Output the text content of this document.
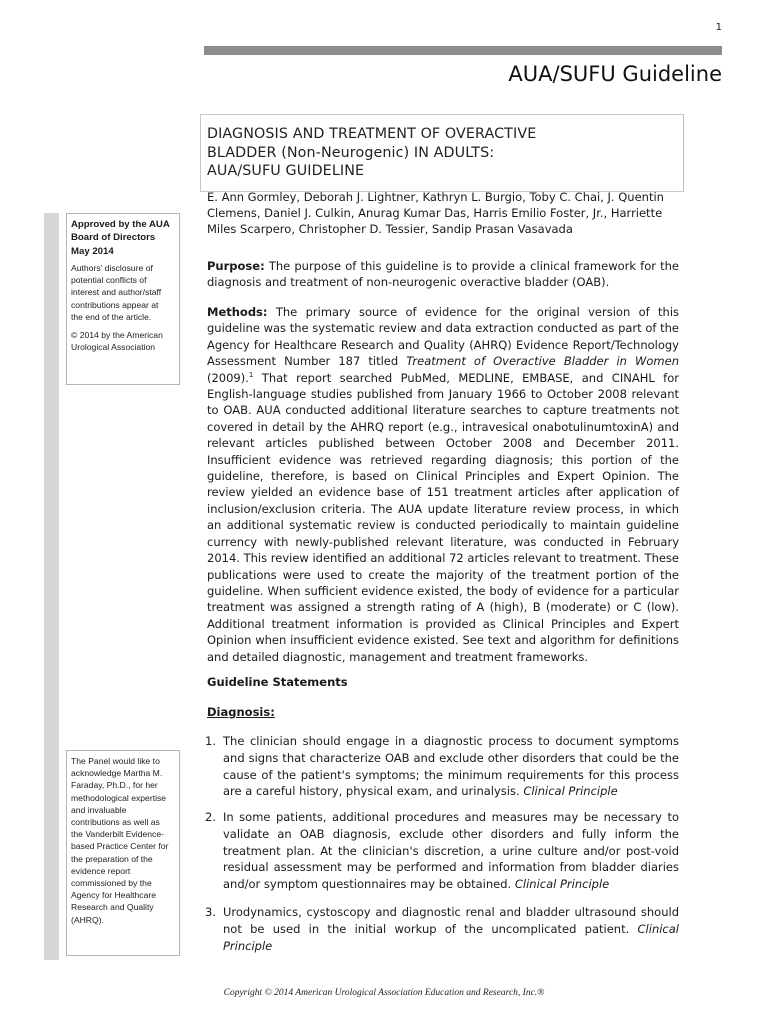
1
AUA/SUFU Guideline
DIAGNOSIS AND TREATMENT OF OVERACTIVE
BLADDER (Non-Neurogenic) IN ADULTS:
AUA/SUFU GUIDELINE
E. Ann Gormley, Deborah J. Lightner, Kathryn L. Burgio, Toby C. Chai, J. Quentin
Clemens, Daniel J. Culkin, Anurag Kumar Das, Harris Emilio Foster, Jr., Harriette
Miles Scarpero, Christopher D. Tessier, Sandip Prasan Vasavada
Approved by the AUA
Board of Directors
May 2014
Authors' disclosure of
potential conflicts of
interest and author/staff
contributions appear at
the end of the article.
© 2014 by the American
Urological Association
The Panel would like to
acknowledge Martha M.
Faraday, Ph.D., for her
methodological expertise
and invaluable
contributions as well as
the Vanderbilt Evidence-
based Practice Center for
the preparation of the
evidence report
commissioned by the
Agency for Healthcare
Research and Quality
(AHRQ).
Purpose: The purpose of this guideline is to provide a clinical framework for the diagnosis and treatment of non-neurogenic overactive bladder (OAB).
Methods: The primary source of evidence for the original version of this guideline was the systematic review and data extraction conducted as part of the Agency for Healthcare Research and Quality (AHRQ) Evidence Report/Technology Assessment Number 187 titled Treatment of Overactive Bladder in Women (2009).$^1$ That report searched PubMed, MEDLINE, EMBASE, and CINAHL for English-language studies published from January 1966 to October 2008 relevant to OAB. AUA conducted additional literature searches to capture treatments not covered in detail by the AHRQ report (e.g., intravesical onabotulinumtoxinA) and relevant articles published between October 2008 and December 2011. Insufficient evidence was retrieved regarding diagnosis; this portion of the guideline, therefore, is based on Clinical Principles and Expert Opinion. The review yielded an evidence base of 151 treatment articles after application of inclusion/exclusion criteria. The AUA update literature review process, in which an additional systematic review is conducted periodically to maintain guideline currency with newly-published relevant literature, was conducted in February 2014. This review identified an additional 72 articles relevant to treatment. These publications were used to create the majority of the treatment portion of the guideline. When sufficient evidence existed, the body of evidence for a particular treatment was assigned a strength rating of A (high), B (moderate) or C (low). Additional treatment information is provided as Clinical Principles and Expert Opinion when insufficient evidence existed. See text and algorithm for definitions and detailed diagnostic, management and treatment frameworks.
Guideline Statements
Diagnosis:
1. The clinician should engage in a diagnostic process to document symptoms and signs that characterize OAB and exclude other disorders that could be the cause of the patient's symptoms; the minimum requirements for this process are a careful history, physical exam, and urinalysis. Clinical Principle
2. In some patients, additional procedures and measures may be necessary to validate an OAB diagnosis, exclude other disorders and fully inform the treatment plan. At the clinician's discretion, a urine culture and/or post-void residual assessment may be performed and information from bladder diaries and/or symptom questionnaires may be obtained. Clinical Principle
3. Urodynamics, cystoscopy and diagnostic renal and bladder ultrasound should not be used in the initial workup of the uncomplicated patient. Clinical Principle
Copyright © 2014 American Urological Association Education and Research, Inc.®
